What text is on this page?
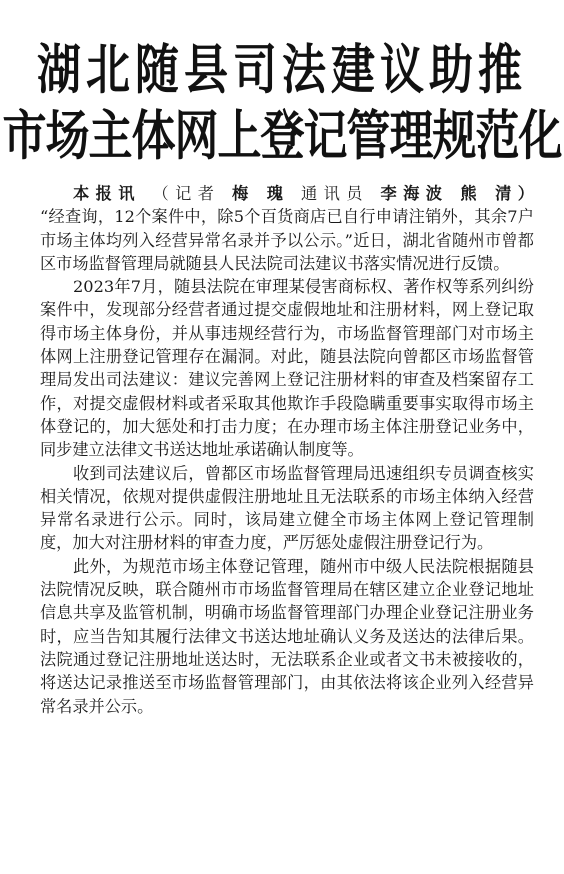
湖北随县司法建议助推
市场主体网上登记管理规范化
本报讯 （记者 梅 瑰 通讯员 李海波 熊 清）

“经查询，12个案件中，除5个百货商店已自行申请注销外，其余7户市场主体均列入经营异常名录并予以公示。”近日，湖北省随州市曾都区市场监督管理局就随县人民法院司法建议书落实情况进行反馈。

2023年7月，随县法院在审理某侵害商标权、著作权等系列纠纷案件中，发现部分经营者通过提交虚假地址和注册材料，网上登记取得市场主体身份，并从事违规经营行为，市场监督管理部门对市场主体网上注册登记管理存在漏洞。对此，随县法院向曾都区市场监督管理局发出司法建议：建议完善网上登记注册材料的审查及档案留存工作，对提交虚假材料或者采取其他欺诈手段隐瞒重要事实取得市场主体登记的，加大惩处和打击力度；在办理市场主体注册登记业务中，同步建立法律文书送达地址承诺确认制度等。

收到司法建议后，曾都区市场监督管理局迅速组织专员调查核实相关情况，依规对提供虚假注册地址且无法联系的市场主体纳入经营异常名录进行公示。同时，该局建立健全市场主体网上登记管理制度，加大对注册材料的审查力度，严厉惩处虚假注册登记行为。

此外，为规范市场主体登记管理，随州市中级人民法院根据随县法院情况反映，联合随州市市场监督管理局在辖区建立企业登记地址信息共享及监管机制，明确市场监督管理部门办理企业登记注册业务时，应当告知其履行法律文书送达地址确认义务及送达的法律后果。法院通过登记注册地址送达时，无法联系企业或者文书未被接收的，将送达记录推送至市场监督管理部门，由其依法将该企业列入经营异常名录并公示。
